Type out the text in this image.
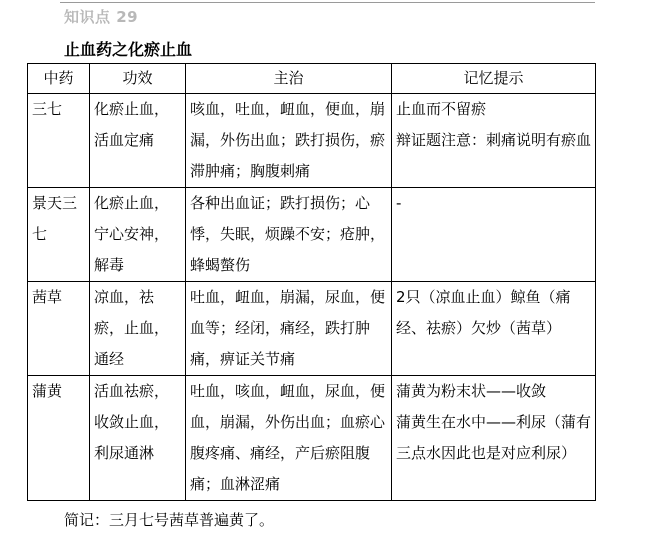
知识点 29
止血药之化瘀止血
中药	功效	主治	记忆提示
三七	化瘀止血，活血定痛	咳血，吐血，衄血，便血，崩漏，外伤出血；跌打损伤，瘀滞肿痛；胸腹刺痛	止血而不留瘀
辩证题注意：刺痛说明有瘀血

景天三七	化瘀止血，宁心安神，解毒	各种出血证；跌打损伤；心悸，失眠，烦躁不安；疮肿，蜂蝎螫伤	-

茜草	凉血，祛瘀，止血，通经	吐血，衄血，崩漏，尿血，便血等；经闭，痛经，跌打肿痛，痹证关节痛	2只（凉血止血）鲸鱼（痛经、祛瘀）欠炒（茜草）

蒲黄	活血祛瘀，收敛止血，利尿通淋	吐血，咳血，衄血，尿血，便血，崩漏，外伤出血；血瘀心腹疼痛、痛经，产后瘀阻腹痛；血淋涩痛	蒲黄为粉末状——收敛
蒲黄生在水中——利尿（蒲有三点水因此也是对应利尿）
简记：三月七号茜草普遍黄了。
